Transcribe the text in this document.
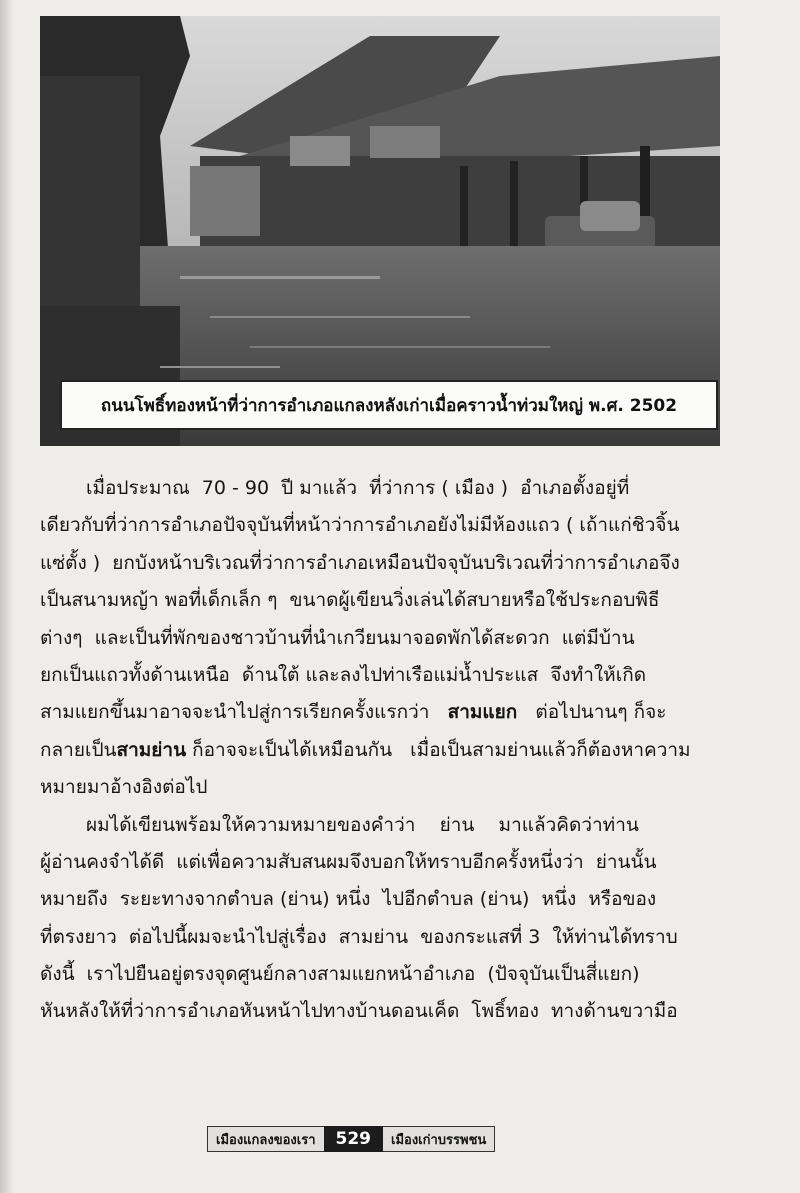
ถนนโพธิ์ทองหน้าที่ว่าการอำเภอแกลงหลังเก่าเมื่อคราวน้ำท่วมใหญ่ พ.ศ. 2502
เมื่อประมาณ  70 - 90  ปี มาแล้ว  ที่ว่าการ ( เมือง )  อำเภอตั้งอยู่ที่
เดียวกับที่ว่าการอำเภอปัจจุบันที่หน้าว่าการอำเภอยังไม่มีห้องแถว ( เถ้าแก่ชิวจิ้น
แซ่ตั้ง )  ยกบังหน้าบริเวณที่ว่าการอำเภอเหมือนปัจจุบันบริเวณที่ว่าการอำเภอจึง
เป็นสนามหญ้า พอที่เด็กเล็ก ๆ  ขนาดผู้เขียนวิ่งเล่นได้สบายหรือใช้ประกอบพิธี
ต่างๆ  และเป็นที่พักของชาวบ้านที่นำเกวียนมาจอดพักได้สะดวก  แต่มีบ้าน
ยกเป็นแถวทั้งด้านเหนือ  ด้านใต้ และลงไปท่าเรือแม่น้ำประแส  จึงทำให้เกิด
สามแยกขึ้นมาอาจจะนำไปสู่การเรียกครั้งแรกว่า   สามแยก   ต่อไปนานๆ ก็จะ
กลายเป็นสามย่าน ก็อาจจะเป็นได้เหมือนกัน   เมื่อเป็นสามย่านแล้วก็ต้องหาความ
หมายมาอ้างอิงต่อไป
ผมได้เขียนพร้อมให้ความหมายของคำว่า    ย่าน    มาแล้วคิดว่าท่าน
ผู้อ่านคงจำได้ดี  แต่เพื่อความสับสนผมจึงบอกให้ทราบอีกครั้งหนึ่งว่า  ย่านนั้น
หมายถึง  ระยะทางจากตำบล (ย่าน) หนึ่ง  ไปอีกตำบล (ย่าน)  หนึ่ง  หรือของ
ที่ตรงยาว  ต่อไปนี้ผมจะนำไปสู่เรื่อง  สามย่าน  ของกระแสที่ 3  ให้ท่านได้ทราบ
ดังนี้  เราไปยืนอยู่ตรงจุดศูนย์กลางสามแยกหน้าอำเภอ  (ปัจจุบันเป็นสี่แยก)
หันหลังให้ที่ว่าการอำเภอหันหน้าไปทางบ้านดอนเค็ด  โพธิ์ทอง  ทางด้านขวามือ
เมืองแกลงของเรา	529	เมืองเก่าบรรพชน
